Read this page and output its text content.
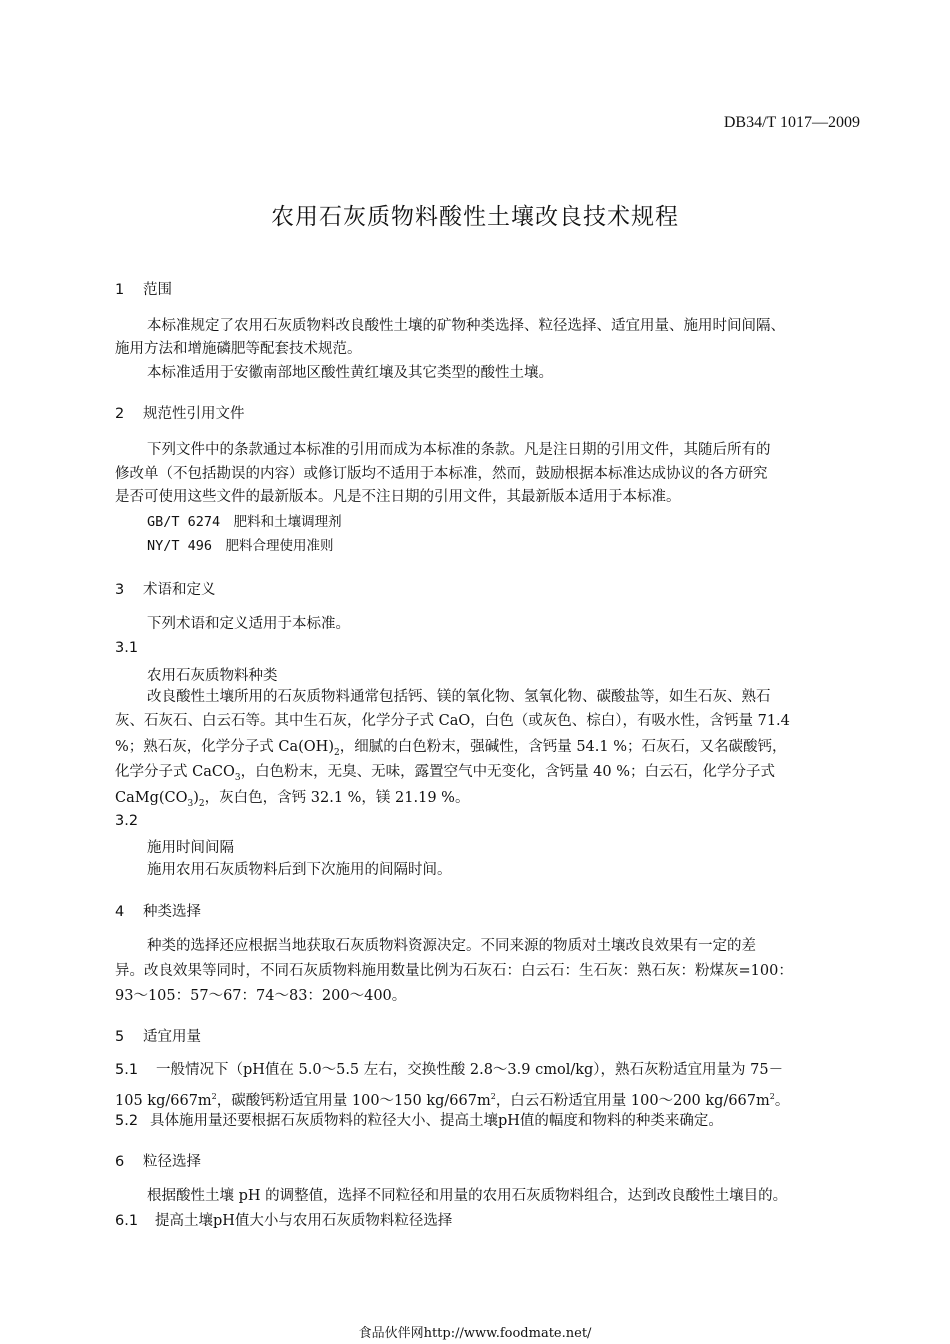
DB34/T 1017—2009
农用石灰质物料酸性土壤改良技术规程
1 范围
本标准规定了农用石灰质物料改良酸性土壤的矿物种类选择、粒径选择、适宜用量、施用时间间隔、
施用方法和增施磷肥等配套技术规范。
本标准适用于安徽南部地区酸性黄红壤及其它类型的酸性土壤。
2 规范性引用文件
下列文件中的条款通过本标准的引用而成为本标准的条款。凡是注日期的引用文件，其随后所有的
修改单（不包括勘误的内容）或修订版均不适用于本标准，然而，鼓励根据本标准达成协议的各方研究
是否可使用这些文件的最新版本。凡是不注日期的引用文件，其最新版本适用于本标准。
GB/T 6274　肥料和土壤调理剂
NY/T 496　肥料合理使用准则
3 术语和定义
下列术语和定义适用于本标准。
3.1
农用石灰质物料种类
改良酸性土壤所用的石灰质物料通常包括钙、镁的氧化物、氢氧化物、碳酸盐等，如生石灰、熟石
灰、石灰石、白云石等。其中生石灰，化学分子式 CaO，白色（或灰色、棕白），有吸水性，含钙量 71.4
%；熟石灰，化学分子式 $Ca(OH)_2$，细腻的白色粉末，强碱性，含钙量 54.1 %；石灰石，又名碳酸钙，
化学分子式 CaCO$_3$，白色粉末，无臭、无味，露置空气中无变化，含钙量 40 %；白云石，化学分子式
$CaMg(CO_3)_2$，灰白色，含钙 32.1 %，镁 21.19 %。
3.2
施用时间间隔
施用农用石灰质物料后到下次施用的间隔时间。
4 种类选择
种类的选择还应根据当地获取石灰质物料资源决定。不同来源的物质对土壤改良效果有一定的差
异。改良效果等同时，不同石灰质物料施用数量比例为石灰石：白云石：生石灰：熟石灰：粉煤灰=100：
93～105：57～67：74～83：200～400。
5 适宜用量
5.1 一般情况下（pH值在 5.0～5.5 左右，交换性酸 2.8～3.9 cmol/kg），熟石灰粉适宜用量为 75－
105 $kg/667m^2$，碳酸钙粉适宜用量 100～150 $kg/667m^2$，白云石粉适宜用量 100～200 $kg/667m^2$。
5.2 具体施用量还要根据石灰质物料的粒径大小、提高土壤pH值的幅度和物料的种类来确定。
6 粒径选择
根据酸性土壤 pH 的调整值，选择不同粒径和用量的农用石灰质物料组合，达到改良酸性土壤目的。
6.1 提高土壤pH值大小与农用石灰质物料粒径选择
食品伙伴网http://www.foodmate.net/
